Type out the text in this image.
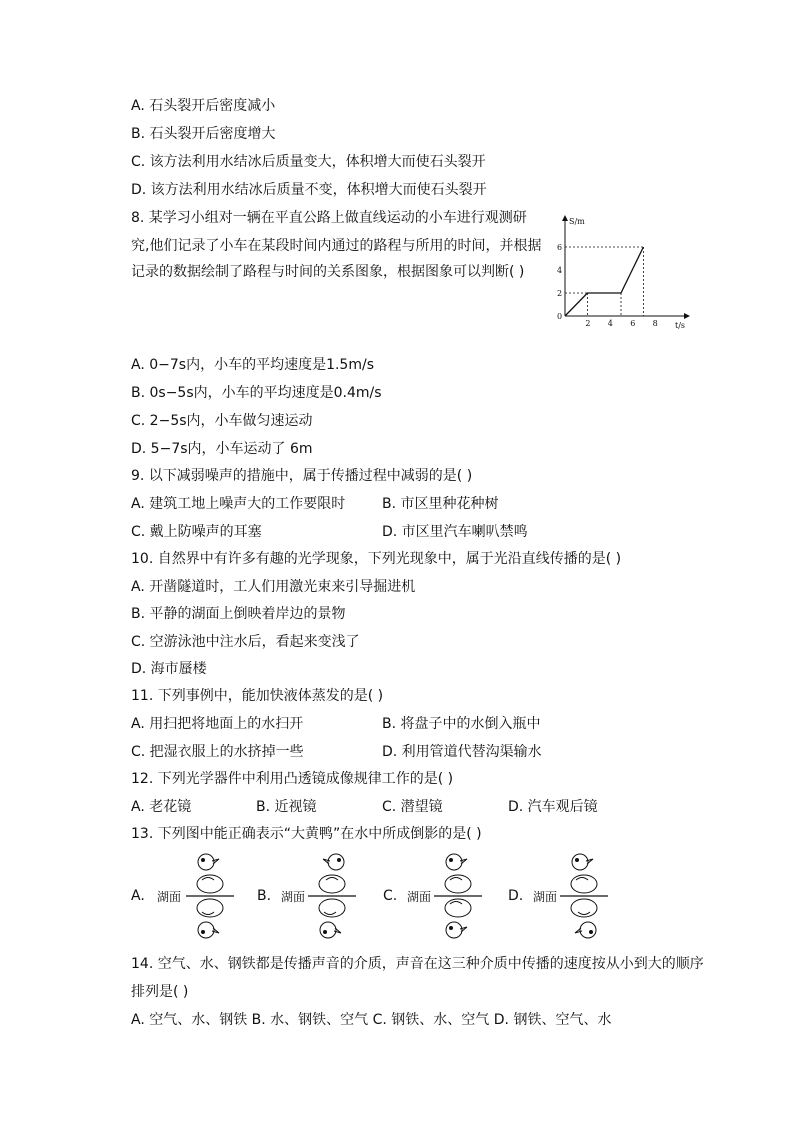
A. 石头裂开后密度减小
B. 石头裂开后密度增大
C. 该方法利用水结冰后质量变大，体积增大而使石头裂开
D. 该方法利用水结冰后质量不变，体积增大而使石头裂开
8. 某学习小组对一辆在平直公路上做直线运动的小车进行观测研
究,他们记录了小车在某段时间内通过的路程与所用的时间，并根据
记录的数据绘制了路程与时间的关系图象，根据图象可以判断( )
0
2
4
6
2 4 6 8
S/m
t/s
A. 0−7s内，小车的平均速度是1.5m/s
B. 0s−5s内，小车的平均速度是0.4m/s
C. 2−5s内，小车做匀速运动
D. 5−7s内，小车运动了 6m
9. 以下减弱噪声的措施中，属于传播过程中减弱的是( )
A. 建筑工地上噪声大的工作要限时	B. 市区里种花种树
C. 戴上防噪声的耳塞	D. 市区里汽车喇叭禁鸣
10. 自然界中有许多有趣的光学现象，下列光现象中，属于光沿直线传播的是( )
A. 开凿隧道时，工人们用激光束来引导掘进机
B. 平静的湖面上倒映着岸边的景物
C. 空游泳池中注水后，看起来变浅了
D. 海市蜃楼
11. 下列事例中，能加快液体蒸发的是( )
A. 用扫把将地面上的水扫开	B. 将盘子中的水倒入瓶中
C. 把湿衣服上的水挤掉一些	D. 利用管道代替沟渠输水
12. 下列光学器件中利用凸透镜成像规律工作的是( )
A. 老花镜	B. 近视镜	C. 潜望镜	D. 汽车观后镜
13. 下列图中能正确表示“大黄鸭”在水中所成倒影的是( )
A. 湖面	B. 湖面	C. 湖面	D. 湖面
14. 空气、水、钢铁都是传播声音的介质，声音在这三种介质中传播的速度按从小到大的顺序
排列是( )
A. 空气、水、钢铁 B. 水、钢铁、空气 C. 钢铁、水、空气 D. 钢铁、空气、水
